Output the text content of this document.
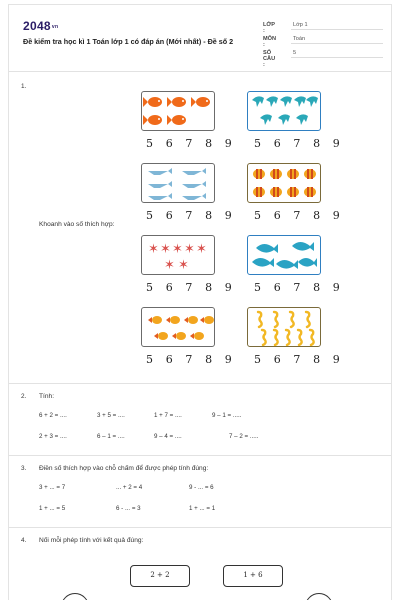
2048vn
Đề kiểm tra học kì 1 Toán lớp 1 có đáp án (Mới nhất) - Đề số 2
LỚP :
Lớp 1
MÔN :
Toán
SỐ CÂU :
5
1.
Khoanh vào số thích hợp:
5 6 7 8 9 5 6 7 8 9
5 6 7 8 9 5 6 7 8 9
✶ ✶ ✶ ✶ ✶
✶ ✶
5 6 7 8 9 5 6 7 8 9
5 6 7 8 9 5 6 7 8 9
2. Tính:
6 + 2 = ....	3 + 5 = ....	1 + 7 = ....	9 – 1 = .....
2 + 3 = ....	6 – 1 = ....	9 – 4 = ....	7 – 2 = .....
3. Điền số thích hợp vào chỗ chấm để được phép tính đúng:
3 + ... = 7	... + 2 = 4	9 - ... = 6
1 + ... = 5	6 - ... = 3	1 + ... = 1
4. Nối mỗi phép tính với kết quả đúng:
2 + 2	1 + 6
